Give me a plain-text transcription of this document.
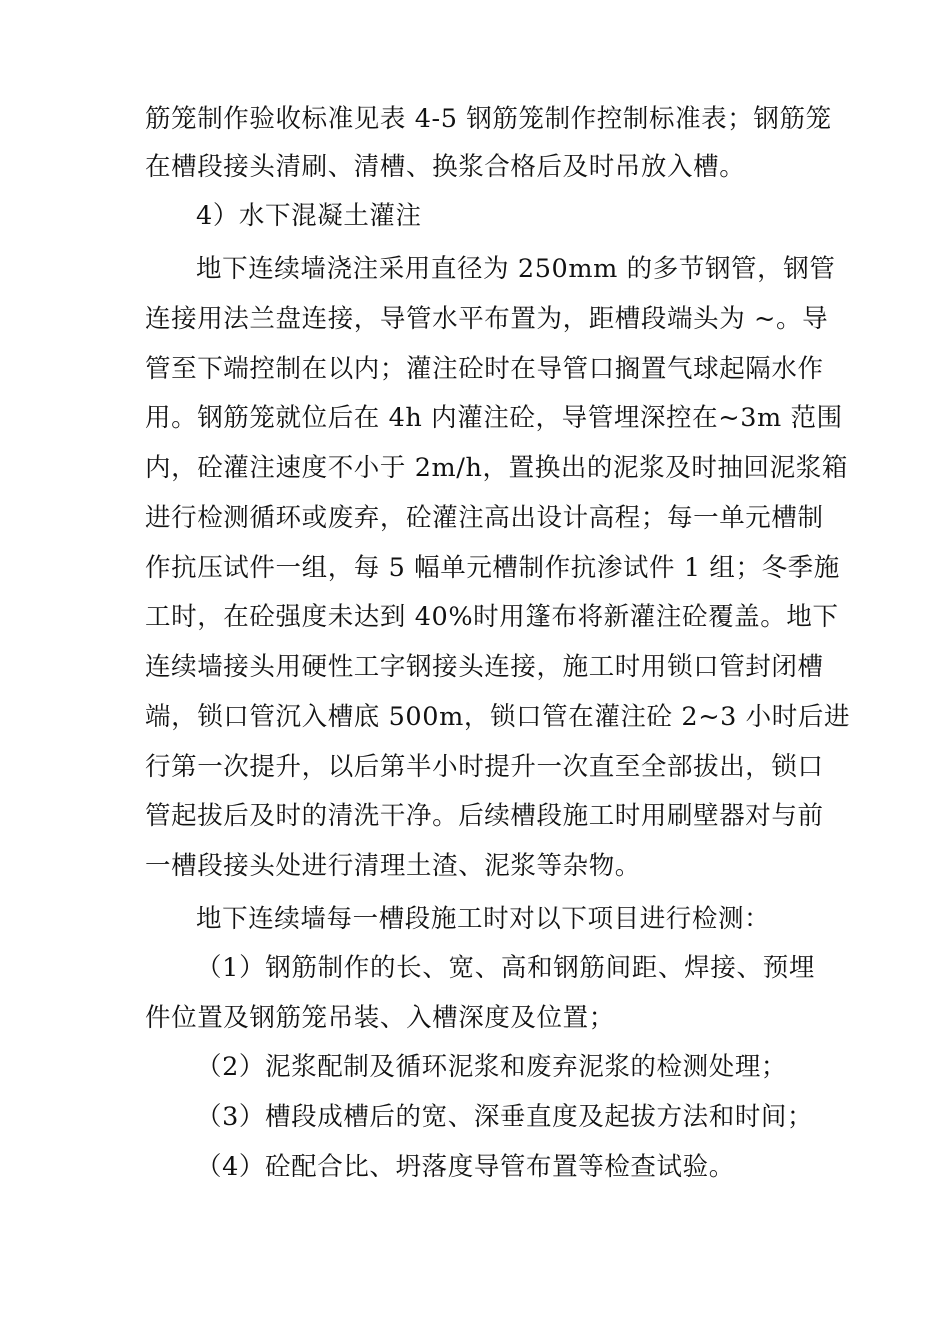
筋笼制作验收标准见表 4-5 钢筋笼制作控制标准表；钢筋笼
在槽段接头清刷、清槽、换浆合格后及时吊放入槽。
4）水下混凝土灌注
地下连续墙浇注采用直径为 250mm 的多节钢管，钢管
连接用法兰盘连接，导管水平布置为，距槽段端头为 ~。导
管至下端控制在以内；灌注砼时在导管口搁置气球起隔水作
用。钢筋笼就位后在 4h 内灌注砼，导管埋深控在~3m 范围
内，砼灌注速度不小于 2m/h，置换出的泥浆及时抽回泥浆箱
进行检测循环或废弃，砼灌注高出设计高程；每一单元槽制
作抗压试件一组，每 5 幅单元槽制作抗渗试件 1 组；冬季施
工时，在砼强度未达到 40%时用篷布将新灌注砼覆盖。地下
连续墙接头用硬性工字钢接头连接，施工时用锁口管封闭槽
端，锁口管沉入槽底 500m，锁口管在灌注砼 2~3 小时后进
行第一次提升，以后第半小时提升一次直至全部拔出，锁口
管起拔后及时的清洗干净。后续槽段施工时用刷壁器对与前
一槽段接头处进行清理土渣、泥浆等杂物。
地下连续墙每一槽段施工时对以下项目进行检测：
（1）钢筋制作的长、宽、高和钢筋间距、焊接、预埋
件位置及钢筋笼吊装、入槽深度及位置；
（2）泥浆配制及循环泥浆和废弃泥浆的检测处理；
（3）槽段成槽后的宽、深垂直度及起拔方法和时间；
（4）砼配合比、坍落度导管布置等检查试验。
